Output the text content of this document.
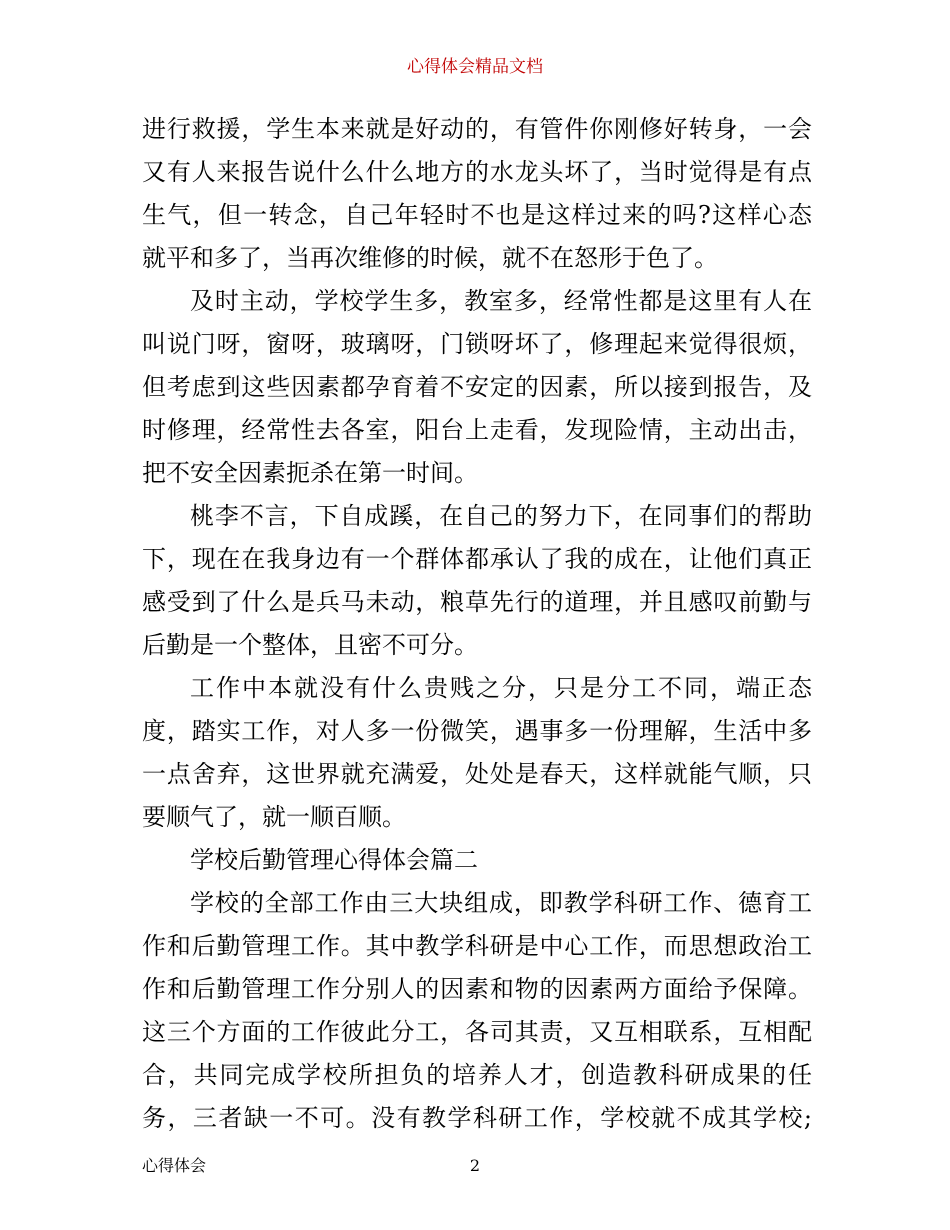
心得体会精品文档
进行救援，学生本来就是好动的，有管件你刚修好转身，一会
又有人来报告说什么什么地方的水龙头坏了，当时觉得是有点
生气，但一转念，自己年轻时不也是这样过来的吗?这样心态
就平和多了，当再次维修的时候，就不在怒形于色了。
及时主动，学校学生多，教室多，经常性都是这里有人在
叫说门呀，窗呀，玻璃呀，门锁呀坏了，修理起来觉得很烦，
但考虑到这些因素都孕育着不安定的因素，所以接到报告，及
时修理，经常性去各室，阳台上走看，发现险情，主动出击，
把不安全因素扼杀在第一时间。
桃李不言，下自成蹊，在自己的努力下，在同事们的帮助
下，现在在我身边有一个群体都承认了我的成在，让他们真正
感受到了什么是兵马未动，粮草先行的道理，并且感叹前勤与
后勤是一个整体，且密不可分。
工作中本就没有什么贵贱之分，只是分工不同，端正态
度，踏实工作，对人多一份微笑，遇事多一份理解，生活中多
一点舍弃，这世界就充满爱，处处是春天，这样就能气顺，只
要顺气了，就一顺百顺。
学校后勤管理心得体会篇二
学校的全部工作由三大块组成，即教学科研工作、德育工
作和后勤管理工作。其中教学科研是中心工作，而思想政治工
作和后勤管理工作分别人的因素和物的因素两方面给予保障。
这三个方面的工作彼此分工，各司其责，又互相联系，互相配
合，共同完成学校所担负的培养人才，创造教科研成果的任
务，三者缺一不可。没有教学科研工作，学校就不成其学校;
心得体会	2
